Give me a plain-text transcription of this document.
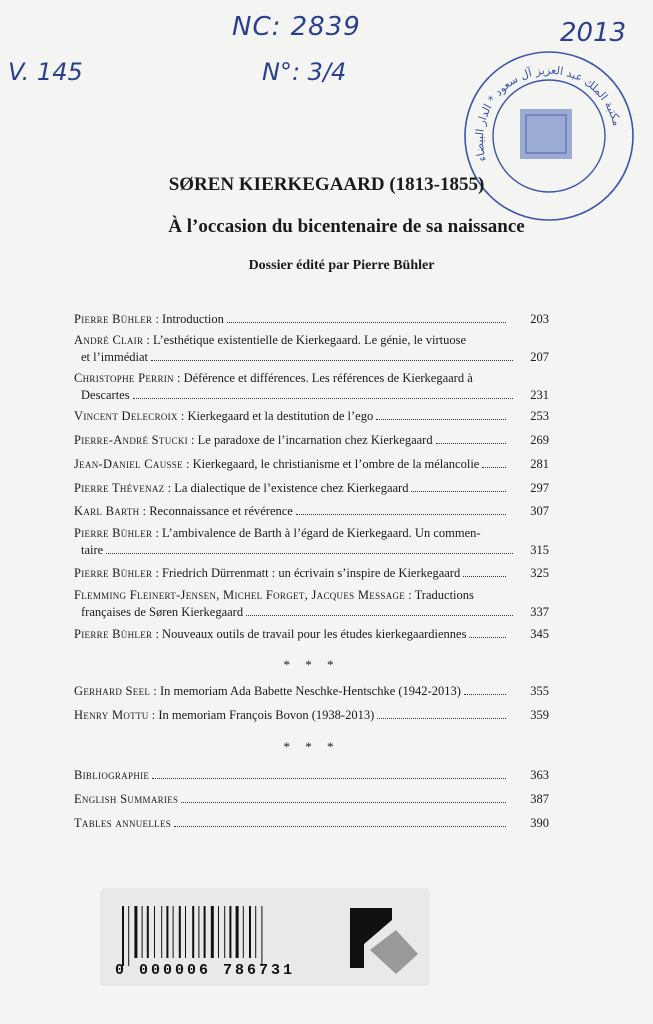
NC: 2839
N°: 3/4
V. 145
2013
مكتبة الملك عبد العزيز آل سعود * الدار البيضاء
SØREN KIERKEGAARD (1813-1855)
À l’occasion du bicentenaire de sa naissance
Dossier édité par Pierre Bühler
Pierre Bühler : Introduction	203
André Clair : L’esthétique existentielle de Kierkegaard. Le génie, le virtuose
et l’immédiat	207
Christophe Perrin : Déférence et différences. Les références de Kierkegaard à
Descartes	231
Vincent Delecroix : Kierkegaard et la destitution de l’ego	253
Pierre-André Stucki : Le paradoxe de l’incarnation chez Kierkegaard	269
Jean-Daniel Causse : Kierkegaard, le christianisme et l’ombre de la mélancolie	281
Pierre Thévenaz : La dialectique de l’existence chez Kierkegaard	297
Karl Barth : Reconnaissance et révérence	307
Pierre Bühler : L’ambivalence de Barth à l’égard de Kierkegaard. Un commen-
taire	315
Pierre Bühler : Friedrich Dürrenmatt : un écrivain s’inspire de Kierkegaard	325
Flemming Fleinert-Jensen, Michel Forget, Jacques Message : Traductions
françaises de Søren Kierkegaard	337
Pierre Bühler : Nouveaux outils de travail pour les études kierkegaardiennes	345
* * *
Gerhard Seel : In memoriam Ada Babette Neschke-Hentschke (1942-2013)	355
Henry Mottu : In memoriam François Bovon (1938-2013)	359
* * *
Bibliographie	363
English Summaries	387
Tables annuelles	390
0 000006 786731
